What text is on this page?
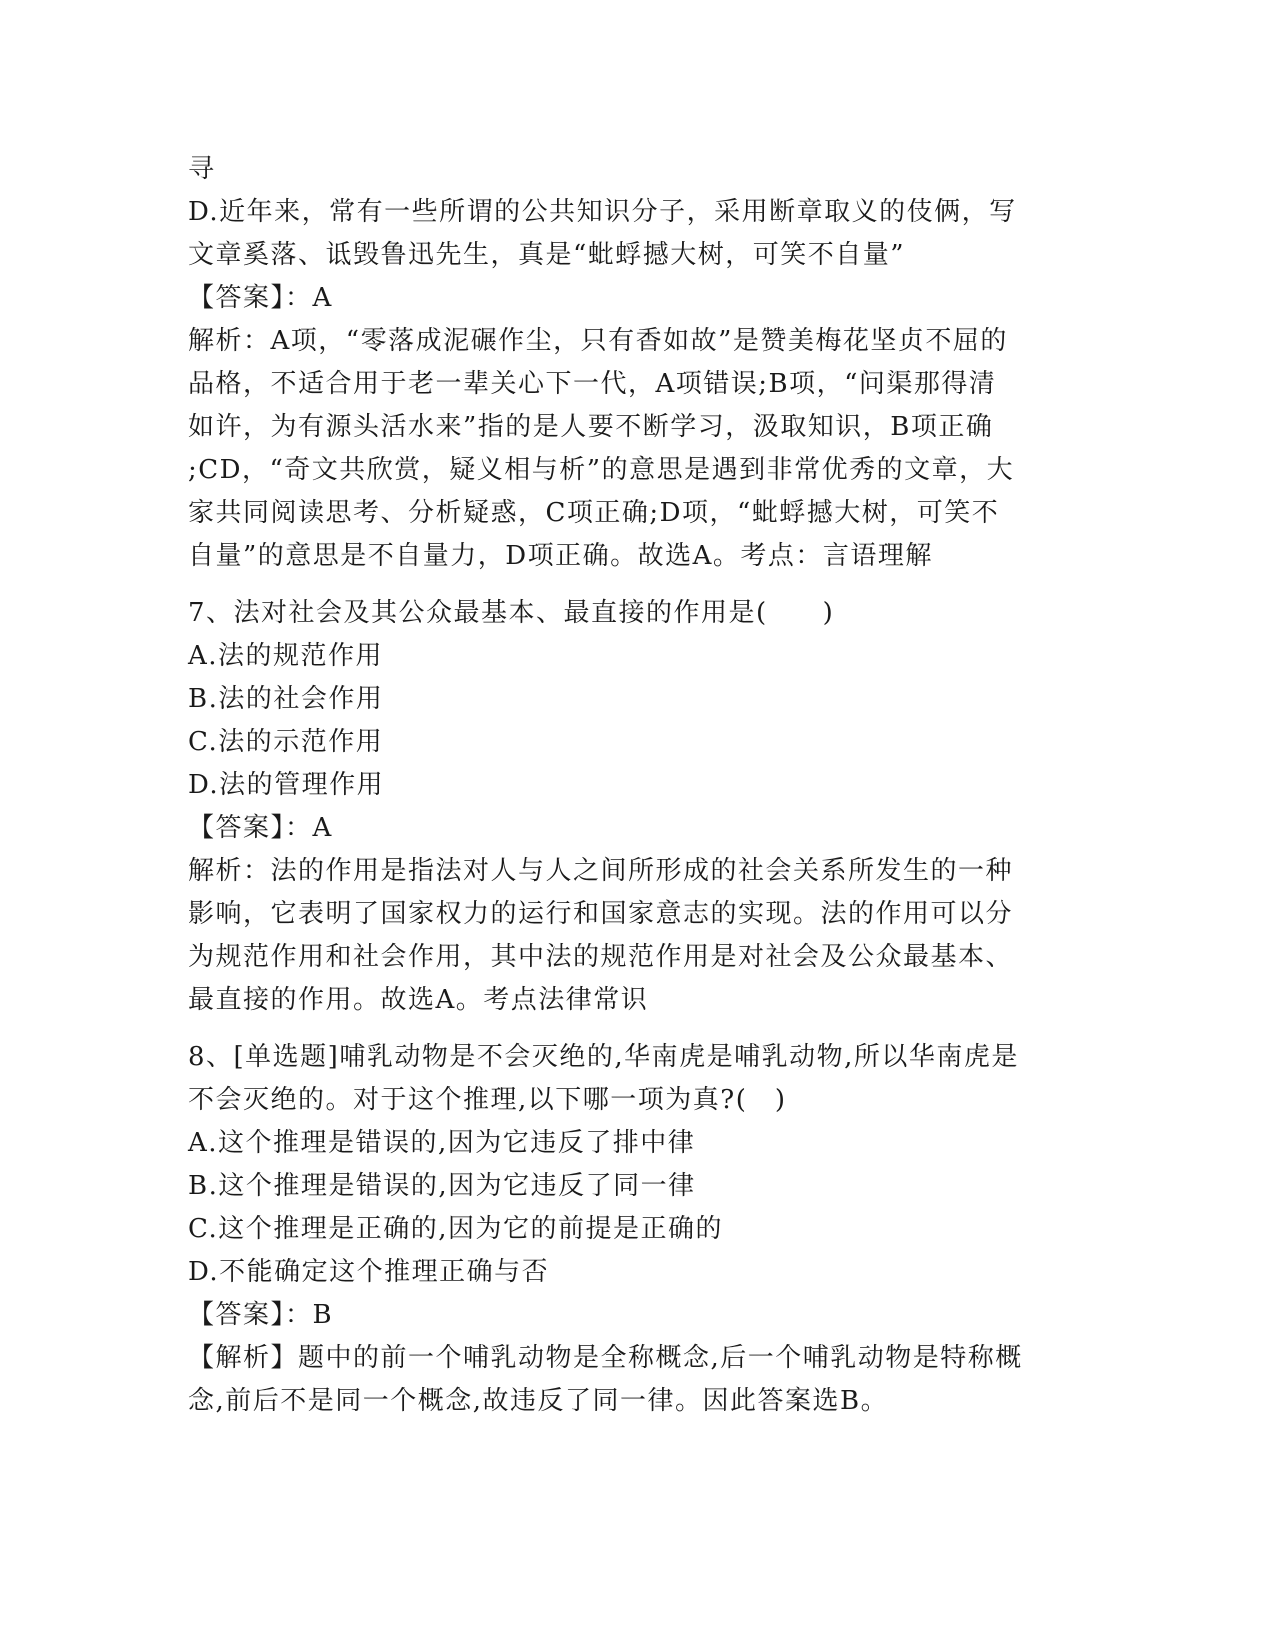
寻
D.近年来，常有一些所谓的公共知识分子，采用断章取义的伎俩，写
文章奚落、诋毁鲁迅先生，真是“蚍蜉撼大树，可笑不自量”
【答案】：A
解析：A项，“零落成泥碾作尘，只有香如故”是赞美梅花坚贞不屈的
品格，不适合用于老一辈关心下一代，A项错误;B项，“问渠那得清
如许，为有源头活水来”指的是人要不断学习，汲取知识，B项正确
;CD，“奇文共欣赏，疑义相与析”的意思是遇到非常优秀的文章，大
家共同阅读思考、分析疑惑，C项正确;D项，“蚍蜉撼大树，可笑不
自量”的意思是不自量力，D项正确。故选A。考点：言语理解
7、法对社会及其公众最基本、最直接的作用是(　　)
A.法的规范作用
B.法的社会作用
C.法的示范作用
D.法的管理作用
【答案】：A
解析：法的作用是指法对人与人之间所形成的社会关系所发生的一种
影响，它表明了国家权力的运行和国家意志的实现。法的作用可以分
为规范作用和社会作用，其中法的规范作用是对社会及公众最基本、
最直接的作用。故选A。考点法律常识
8、[单选题]哺乳动物是不会灭绝的,华南虎是哺乳动物,所以华南虎是
不会灭绝的。对于这个推理,以下哪一项为真?(　)
A.这个推理是错误的,因为它违反了排中律
B.这个推理是错误的,因为它违反了同一律
C.这个推理是正确的,因为它的前提是正确的
D.不能确定这个推理正确与否
【答案】：B
【解析】题中的前一个哺乳动物是全称概念,后一个哺乳动物是特称概
念,前后不是同一个概念,故违反了同一律。因此答案选B。
